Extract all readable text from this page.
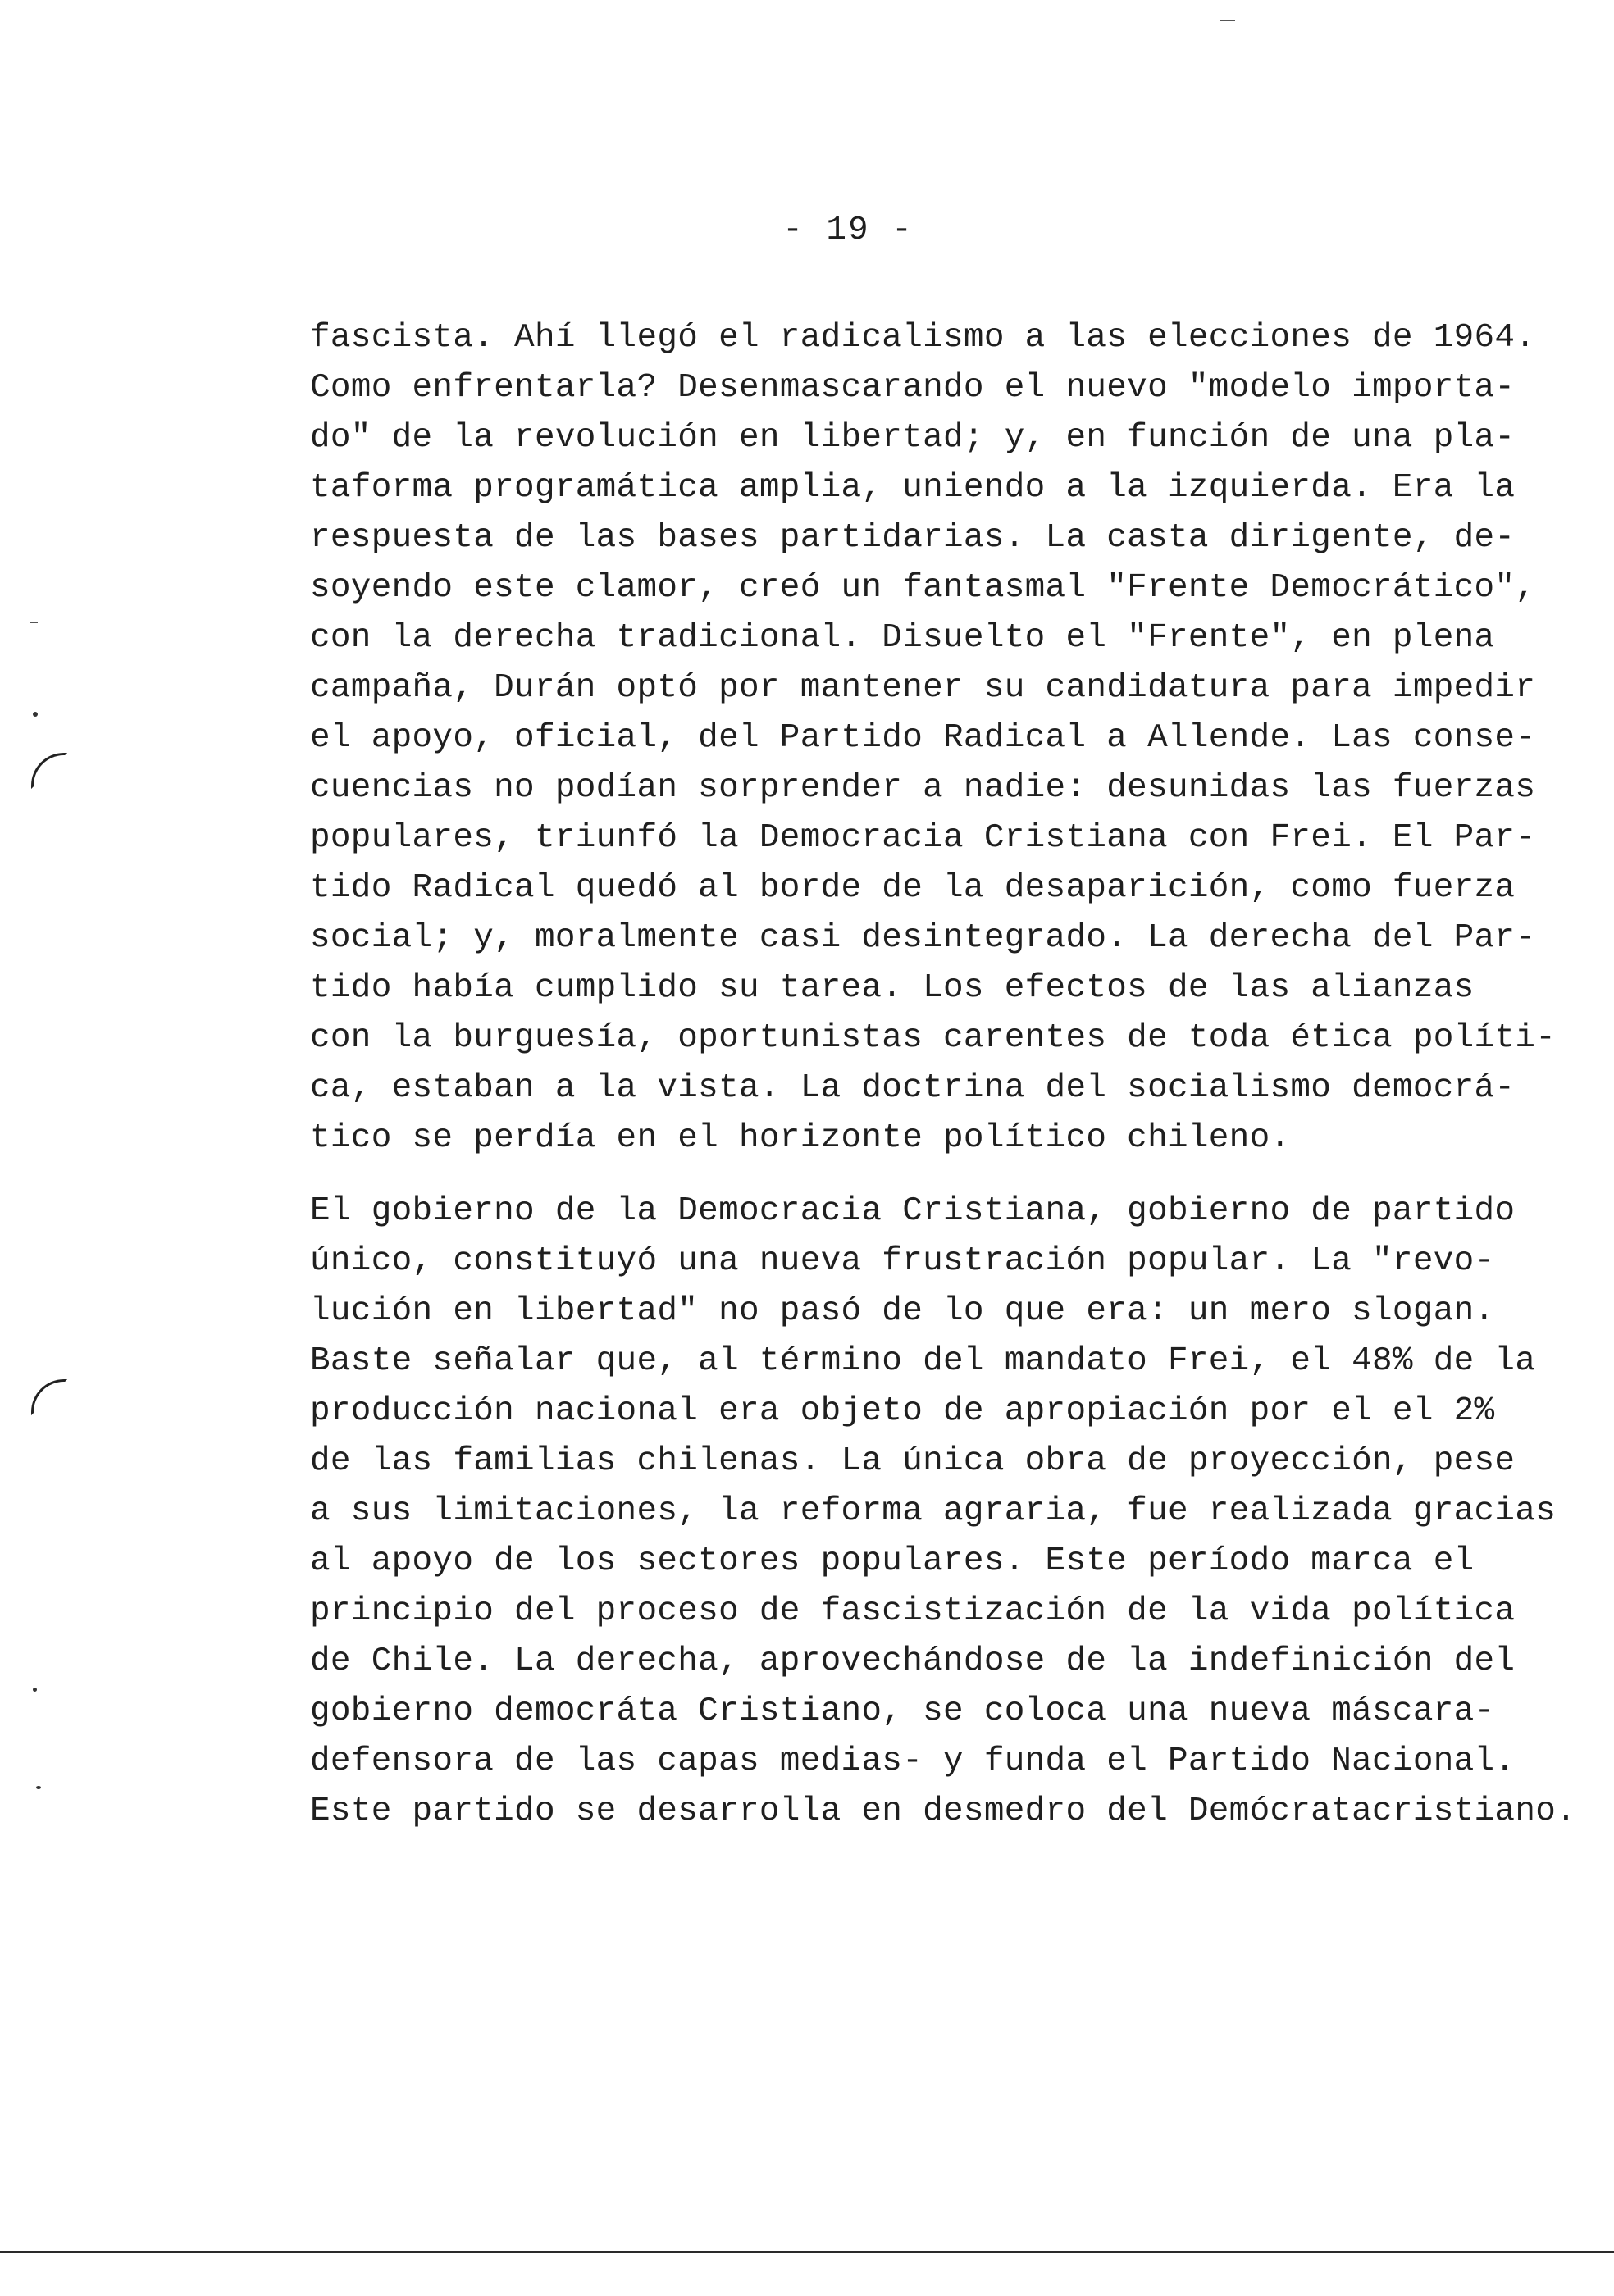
- 19 -
fascista. Ahí llegó el radicalismo a las elecciones de 1964.
Como enfrentarla? Desenmascarando el nuevo "modelo importa-
do" de la revolución en libertad; y, en función de una pla-
taforma programática amplia, uniendo a la izquierda. Era la
respuesta de las bases partidarias. La casta dirigente, de-
soyendo este clamor, creó un fantasmal "Frente Democrático",
con la derecha tradicional. Disuelto el "Frente", en plena
campaña, Durán optó por mantener su candidatura para impedir
el apoyo, oficial, del Partido Radical a Allende. Las conse-
cuencias no podían sorprender a nadie: desunidas las fuerzas
populares, triunfó la Democracia Cristiana con Frei. El Par-
tido Radical quedó al borde de la desaparición, como fuerza
social; y, moralmente casi desintegrado. La derecha del Par-
tido había cumplido su tarea. Los efectos de las alianzas
con la burguesía, oportunistas carentes de toda ética políti-
ca, estaban a la vista. La doctrina del socialismo democrá-
tico se perdía en el horizonte político chileno.
El gobierno de la Democracia Cristiana, gobierno de partido
único, constituyó una nueva frustración popular. La "revo-
lución en libertad" no pasó de lo que era: un mero slogan.
Baste señalar que, al término del mandato Frei, el 48% de la
producción nacional era objeto de apropiación por el el 2%
de las familias chilenas. La única obra de proyección, pese
a sus limitaciones, la reforma agraria, fue realizada gracias
al apoyo de los sectores populares. Este período marca el
principio del proceso de fascistización de la vida política
de Chile. La derecha, aprovechándose de la indefinición del
gobierno democráta Cristiano, se coloca una nueva máscara-
defensora de las capas medias- y funda el Partido Nacional.
Este partido se desarrolla en desmedro del Demócratacristiano.
